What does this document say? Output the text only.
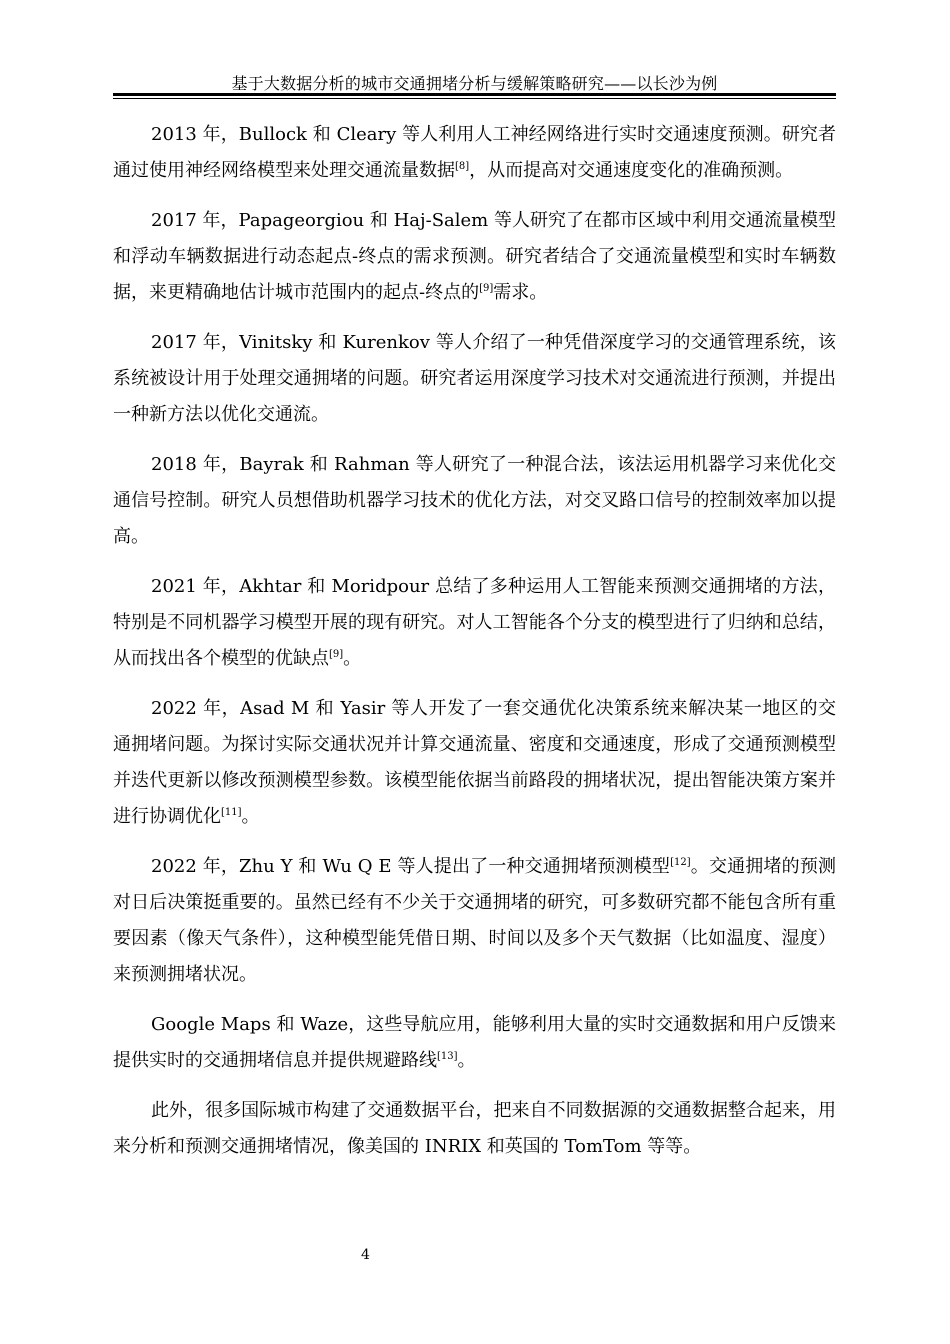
基于大数据分析的城市交通拥堵分析与缓解策略研究——以长沙为例

2013 年，Bullock 和 Cleary 等人利用人工神经网络进行实时交通速度预测。研究者通过使用神经网络模型来处理交通流量数据[8]，从而提高对交通速度变化的准确预测。

2017 年，Papageorgiou 和 Haj-Salem 等人研究了在都市区域中利用交通流量模型和浮动车辆数据进行动态起点-终点的需求预测。研究者结合了交通流量模型和实时车辆数据，来更精确地估计城市范围内的起点-终点的[9]需求。

2017 年，Vinitsky 和 Kurenkov 等人介绍了一种凭借深度学习的交通管理系统，该系统被设计用于处理交通拥堵的问题。研究者运用深度学习技术对交通流进行预测，并提出一种新方法以优化交通流。

2018 年，Bayrak 和 Rahman 等人研究了一种混合法，该法运用机器学习来优化交通信号控制。研究人员想借助机器学习技术的优化方法，对交叉路口信号的控制效率加以提高。

2021 年，Akhtar 和 Moridpour 总结了多种运用人工智能来预测交通拥堵的方法，特别是不同机器学习模型开展的现有研究。对人工智能各个分支的模型进行了归纳和总结，从而找出各个模型的优缺点[9]。

2022 年，Asad M 和 Yasir 等人开发了一套交通优化决策系统来解决某一地区的交通拥堵问题。为探讨实际交通状况并计算交通流量、密度和交通速度，形成了交通预测模型并迭代更新以修改预测模型参数。该模型能依据当前路段的拥堵状况，提出智能决策方案并进行协调优化[11]。

2022 年，Zhu Y 和 Wu Q E 等人提出了一种交通拥堵预测模型[12]。交通拥堵的预测对日后决策挺重要的。虽然已经有不少关于交通拥堵的研究，可多数研究都不能包含所有重要因素（像天气条件），这种模型能凭借日期、时间以及多个天气数据（比如温度、湿度）来预测拥堵状况。

Google Maps 和 Waze，这些导航应用，能够利用大量的实时交通数据和用户反馈来提供实时的交通拥堵信息并提供规避路线[13]。

此外，很多国际城市构建了交通数据平台，把来自不同数据源的交通数据整合起来，用来分析和预测交通拥堵情况，像美国的 INRIX 和英国的 TomTom 等等。

4
